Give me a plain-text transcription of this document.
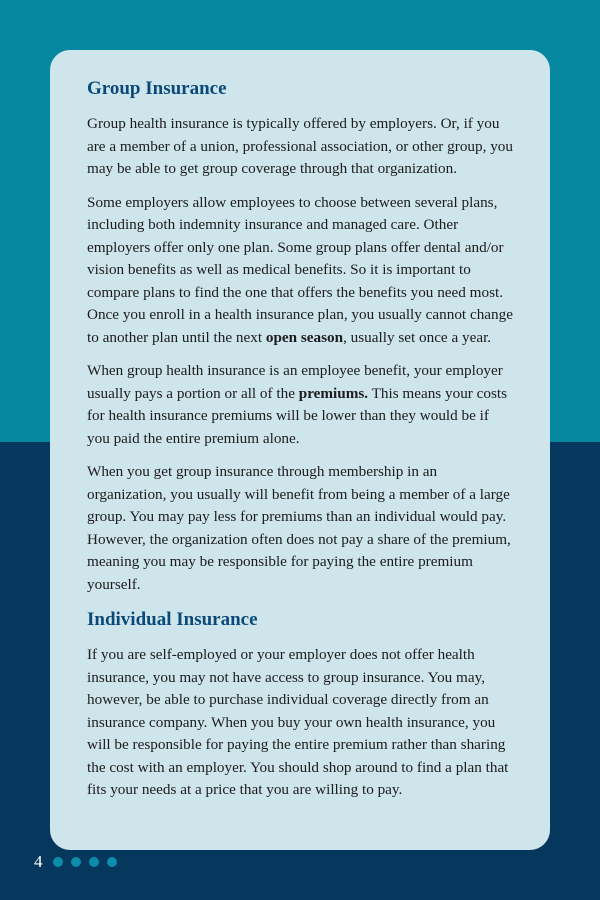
Group Insurance

Group health insurance is typically offered by employers. Or, if you are a member of a union, professional association, or other group, you may be able to get group coverage through that organization.

Some employers allow employees to choose between several plans, including both indemnity insurance and managed care. Other employers offer only one plan. Some group plans offer dental and/or vision benefits as well as medical benefits. So it is important to compare plans to find the one that offers the benefits you need most. Once you enroll in a health insurance plan, you usually cannot change to another plan until the next open season, usually set once a year.

When group health insurance is an employee benefit, your employer usually pays a portion or all of the premiums. This means your costs for health insurance premiums will be lower than they would be if you paid the entire premium alone.

When you get group insurance through membership in an organization, you usually will benefit from being a member of a large group. You may pay less for premiums than an individual would pay. However, the organization often does not pay a share of the premium, meaning you may be responsible for paying the entire premium yourself.

Individual Insurance

If you are self-employed or your employer does not offer health insurance, you may not have access to group insurance. You may, however, be able to purchase individual coverage directly from an insurance company. When you buy your own health insurance, you will be responsible for paying the entire premium rather than sharing the cost with an employer. You should shop around to find a plan that fits your needs at a price that you are willing to pay.

4
